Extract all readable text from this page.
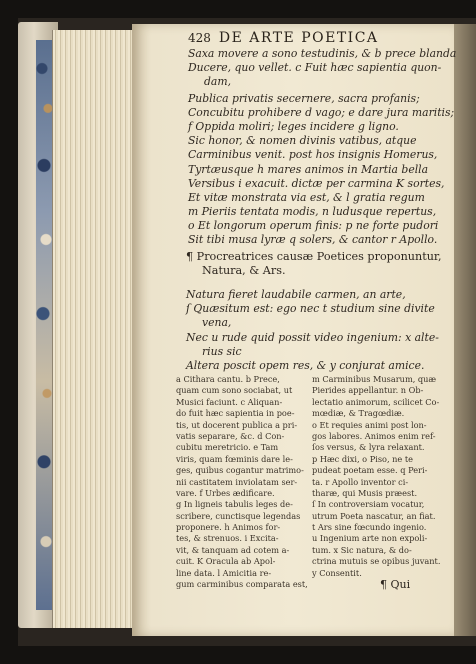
428 DE ARTE POETICA
Saxa movere a sono testudinis, & b prece blanda
Ducere, quo vellet. c Fuit hæc sapientia quon-
dam,
Publica privatis secernere, sacra profanis;
Concubitu prohibere d vago; e dare jura maritis;
f Oppida moliri; leges incidere g ligno.
Sic honor, & nomen divinis vatibus, atque
Carminibus venit. post hos insignis Homerus,
Tyrtæusque h mares animos in Martia bella
Versibus i exacuit. dictæ per carmina K sortes,
Et vitæ monstrata via est, & l gratia regum
m Pieriis tentata modis, n ludusque repertus,
o Et longorum operum finis: p ne forte pudori
Sit tibi musa lyræ q solers, & cantor r Apollo.
¶ Procreatrices causæ Poetices proponuntur,
Natura, & Ars.
Natura fieret laudabile carmen, an arte,
ſ Quæsitum est: ego nec t studium sine divite
vena,
Nec u rude quid possit video ingenium: x alte-
rius sic
Altera poscit opem res, & y conjurat amice.
a Cithara cantu. b Prece,
quam cum sono sociabat, ut
Musici faciunt. c Aliquan-
do fuit hæc sapientia in poe-
tis, ut docerent publica a pri-
vatis separare, &c. d Con-
cubitu meretricio. e Tam
viris, quam fœminis dare le-
ges, quibus cogantur matrimo-
nii castitatem inviolatam ser-
vare. f Urbes ædificare.
g In ligneis tabulis leges de-
scribere, cunctisque legendas
proponere. h Animos for-
tes, & strenuos. i Excita-
vit, & tanquam ad cotem a-
cuit. K Oracula ab Apol-
line data. l Amicitia re-
gum carminibus comparata est,
m Carminibus Musarum, quæ
Pierides appellantur. n Ob-
lectatio animorum, scilicet Co-
mœdiæ, & Tragœdiæ.
o Et requies animi post lon-
gos labores. Animos enim ref-
ſos versus, & lyra relaxant.
p Hæc dixi, o Piso, ne te
pudeat poetam esse. q Peri-
ta. r Apollo inventor ci-
tharæ, qui Musis præest.
ſ In controversiam vocatur,
utrum Poeta nascatur, an fiat.
t Ars sine fœcundo ingenio.
u Ingenium arte non expoli-
tum. x Sic natura, & do-
ctrina mutuis se opibus juvant.
y Consentit.
¶ Qui
